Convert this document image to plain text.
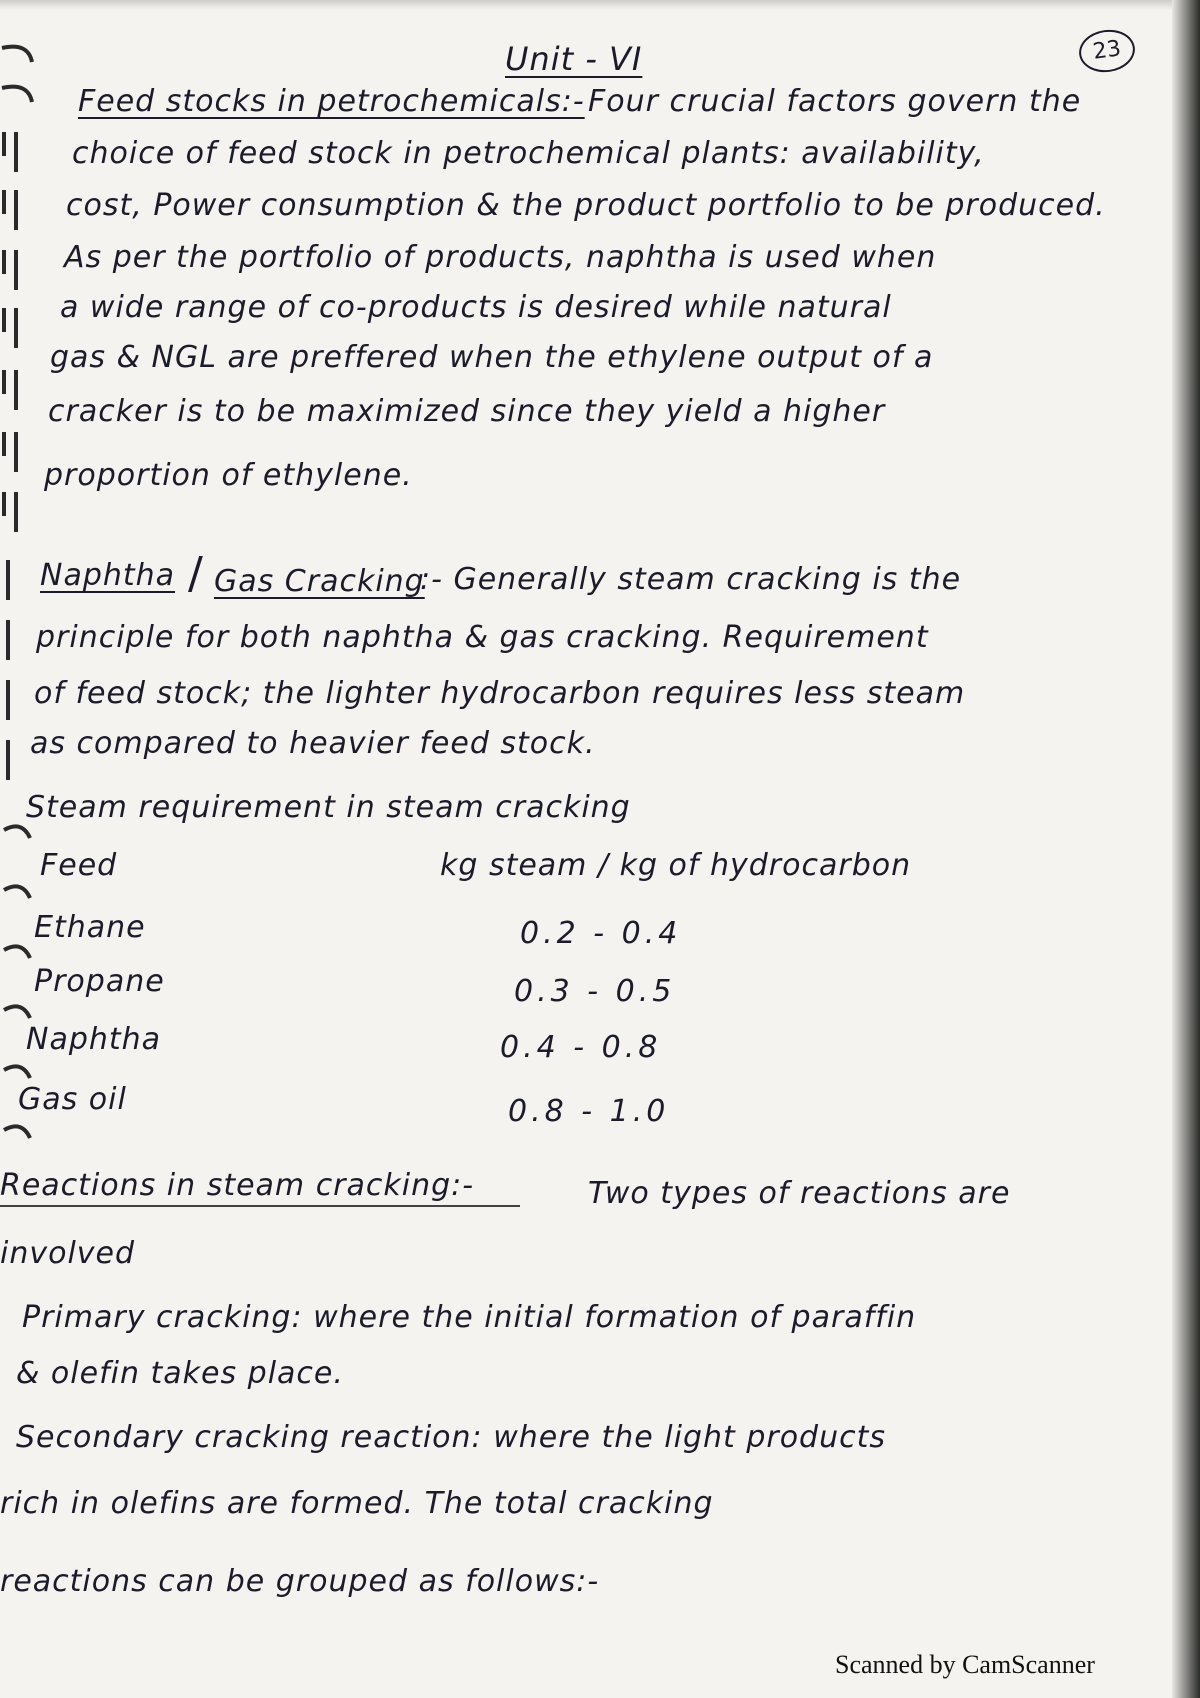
23
Unit - VI
Feed stocks in petrochemicals:- Four crucial factors govern the
choice of feed stock in petrochemical plants: availability,
cost, Power consumption & the product portfolio to be produced.
As per the portfolio of products, naphtha is used when
a wide range of co-products is desired while natural
gas & NGL are preffered when the ethylene output of a
cracker is to be maximized since they yield a higher
proportion of ethylene.
Naphtha / Gas Cracking
:- Generally steam cracking is the
principle for both naphtha & gas cracking. Requirement
of feed stock; the lighter hydrocarbon requires less steam
as compared to heavier feed stock.
Steam requirement in steam cracking
Feed	kg steam / kg of hydrocarbon
Ethane	0.2 - 0.4
Propane	0.3 - 0.5
Naphtha	0.4 - 0.8
Gas oil	0.8 - 1.0
Reactions in steam cracking:-	Two types of reactions are
involved
Primary cracking: where the initial formation of paraffin
& olefin takes place.
Secondary cracking reaction: where the light products
rich in olefins are formed. The total cracking
reactions can be grouped as follows:-
Scanned by CamScanner
